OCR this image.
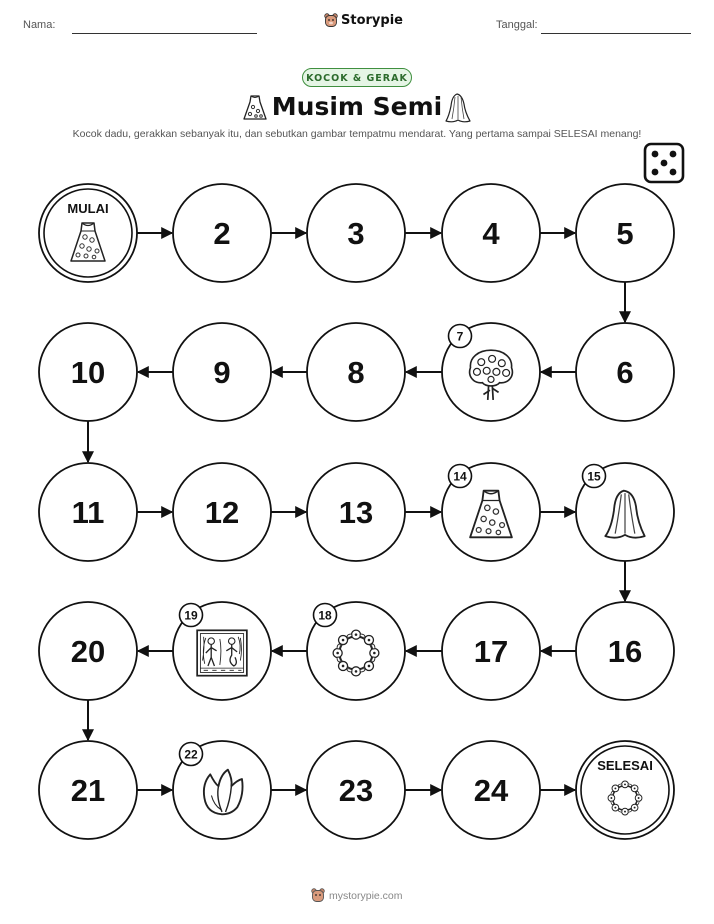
Nama:	Storypie	Tanggal:
KOCOK & GERAK
Musim Semi
Kocok dadu, gerakkan sebanyak itu, dan sebutkan gambar tempatmu mendarat. Yang pertama sampai SELESAI menang!
MULAI
2	3	4	5
6
7
8
9
10
11	12	13
14	15
16
17
18
19
20
21
22
23	24
SELESAI
mystorypie.com
